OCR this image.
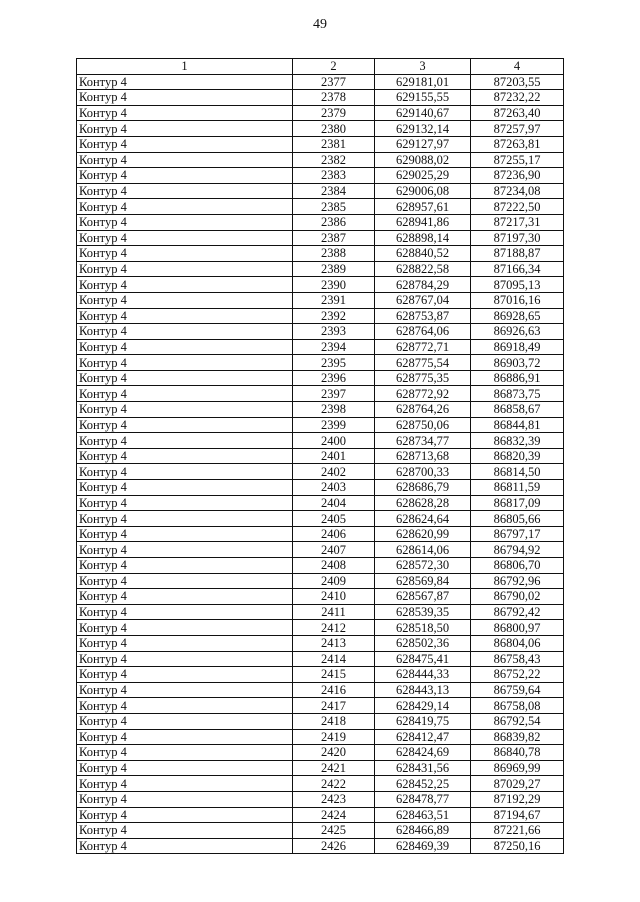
49
1	2	3	4
Контур 4	2377	629181,01	87203,55
Контур 4	2378	629155,55	87232,22
Контур 4	2379	629140,67	87263,40
Контур 4	2380	629132,14	87257,97
Контур 4	2381	629127,97	87263,81
Контур 4	2382	629088,02	87255,17
Контур 4	2383	629025,29	87236,90
Контур 4	2384	629006,08	87234,08
Контур 4	2385	628957,61	87222,50
Контур 4	2386	628941,86	87217,31
Контур 4	2387	628898,14	87197,30
Контур 4	2388	628840,52	87188,87
Контур 4	2389	628822,58	87166,34
Контур 4	2390	628784,29	87095,13
Контур 4	2391	628767,04	87016,16
Контур 4	2392	628753,87	86928,65
Контур 4	2393	628764,06	86926,63
Контур 4	2394	628772,71	86918,49
Контур 4	2395	628775,54	86903,72
Контур 4	2396	628775,35	86886,91
Контур 4	2397	628772,92	86873,75
Контур 4	2398	628764,26	86858,67
Контур 4	2399	628750,06	86844,81
Контур 4	2400	628734,77	86832,39
Контур 4	2401	628713,68	86820,39
Контур 4	2402	628700,33	86814,50
Контур 4	2403	628686,79	86811,59
Контур 4	2404	628628,28	86817,09
Контур 4	2405	628624,64	86805,66
Контур 4	2406	628620,99	86797,17
Контур 4	2407	628614,06	86794,92
Контур 4	2408	628572,30	86806,70
Контур 4	2409	628569,84	86792,96
Контур 4	2410	628567,87	86790,02
Контур 4	2411	628539,35	86792,42
Контур 4	2412	628518,50	86800,97
Контур 4	2413	628502,36	86804,06
Контур 4	2414	628475,41	86758,43
Контур 4	2415	628444,33	86752,22
Контур 4	2416	628443,13	86759,64
Контур 4	2417	628429,14	86758,08
Контур 4	2418	628419,75	86792,54
Контур 4	2419	628412,47	86839,82
Контур 4	2420	628424,69	86840,78
Контур 4	2421	628431,56	86969,99
Контур 4	2422	628452,25	87029,27
Контур 4	2423	628478,77	87192,29
Контур 4	2424	628463,51	87194,67
Контур 4	2425	628466,89	87221,66
Контур 4	2426	628469,39	87250,16
